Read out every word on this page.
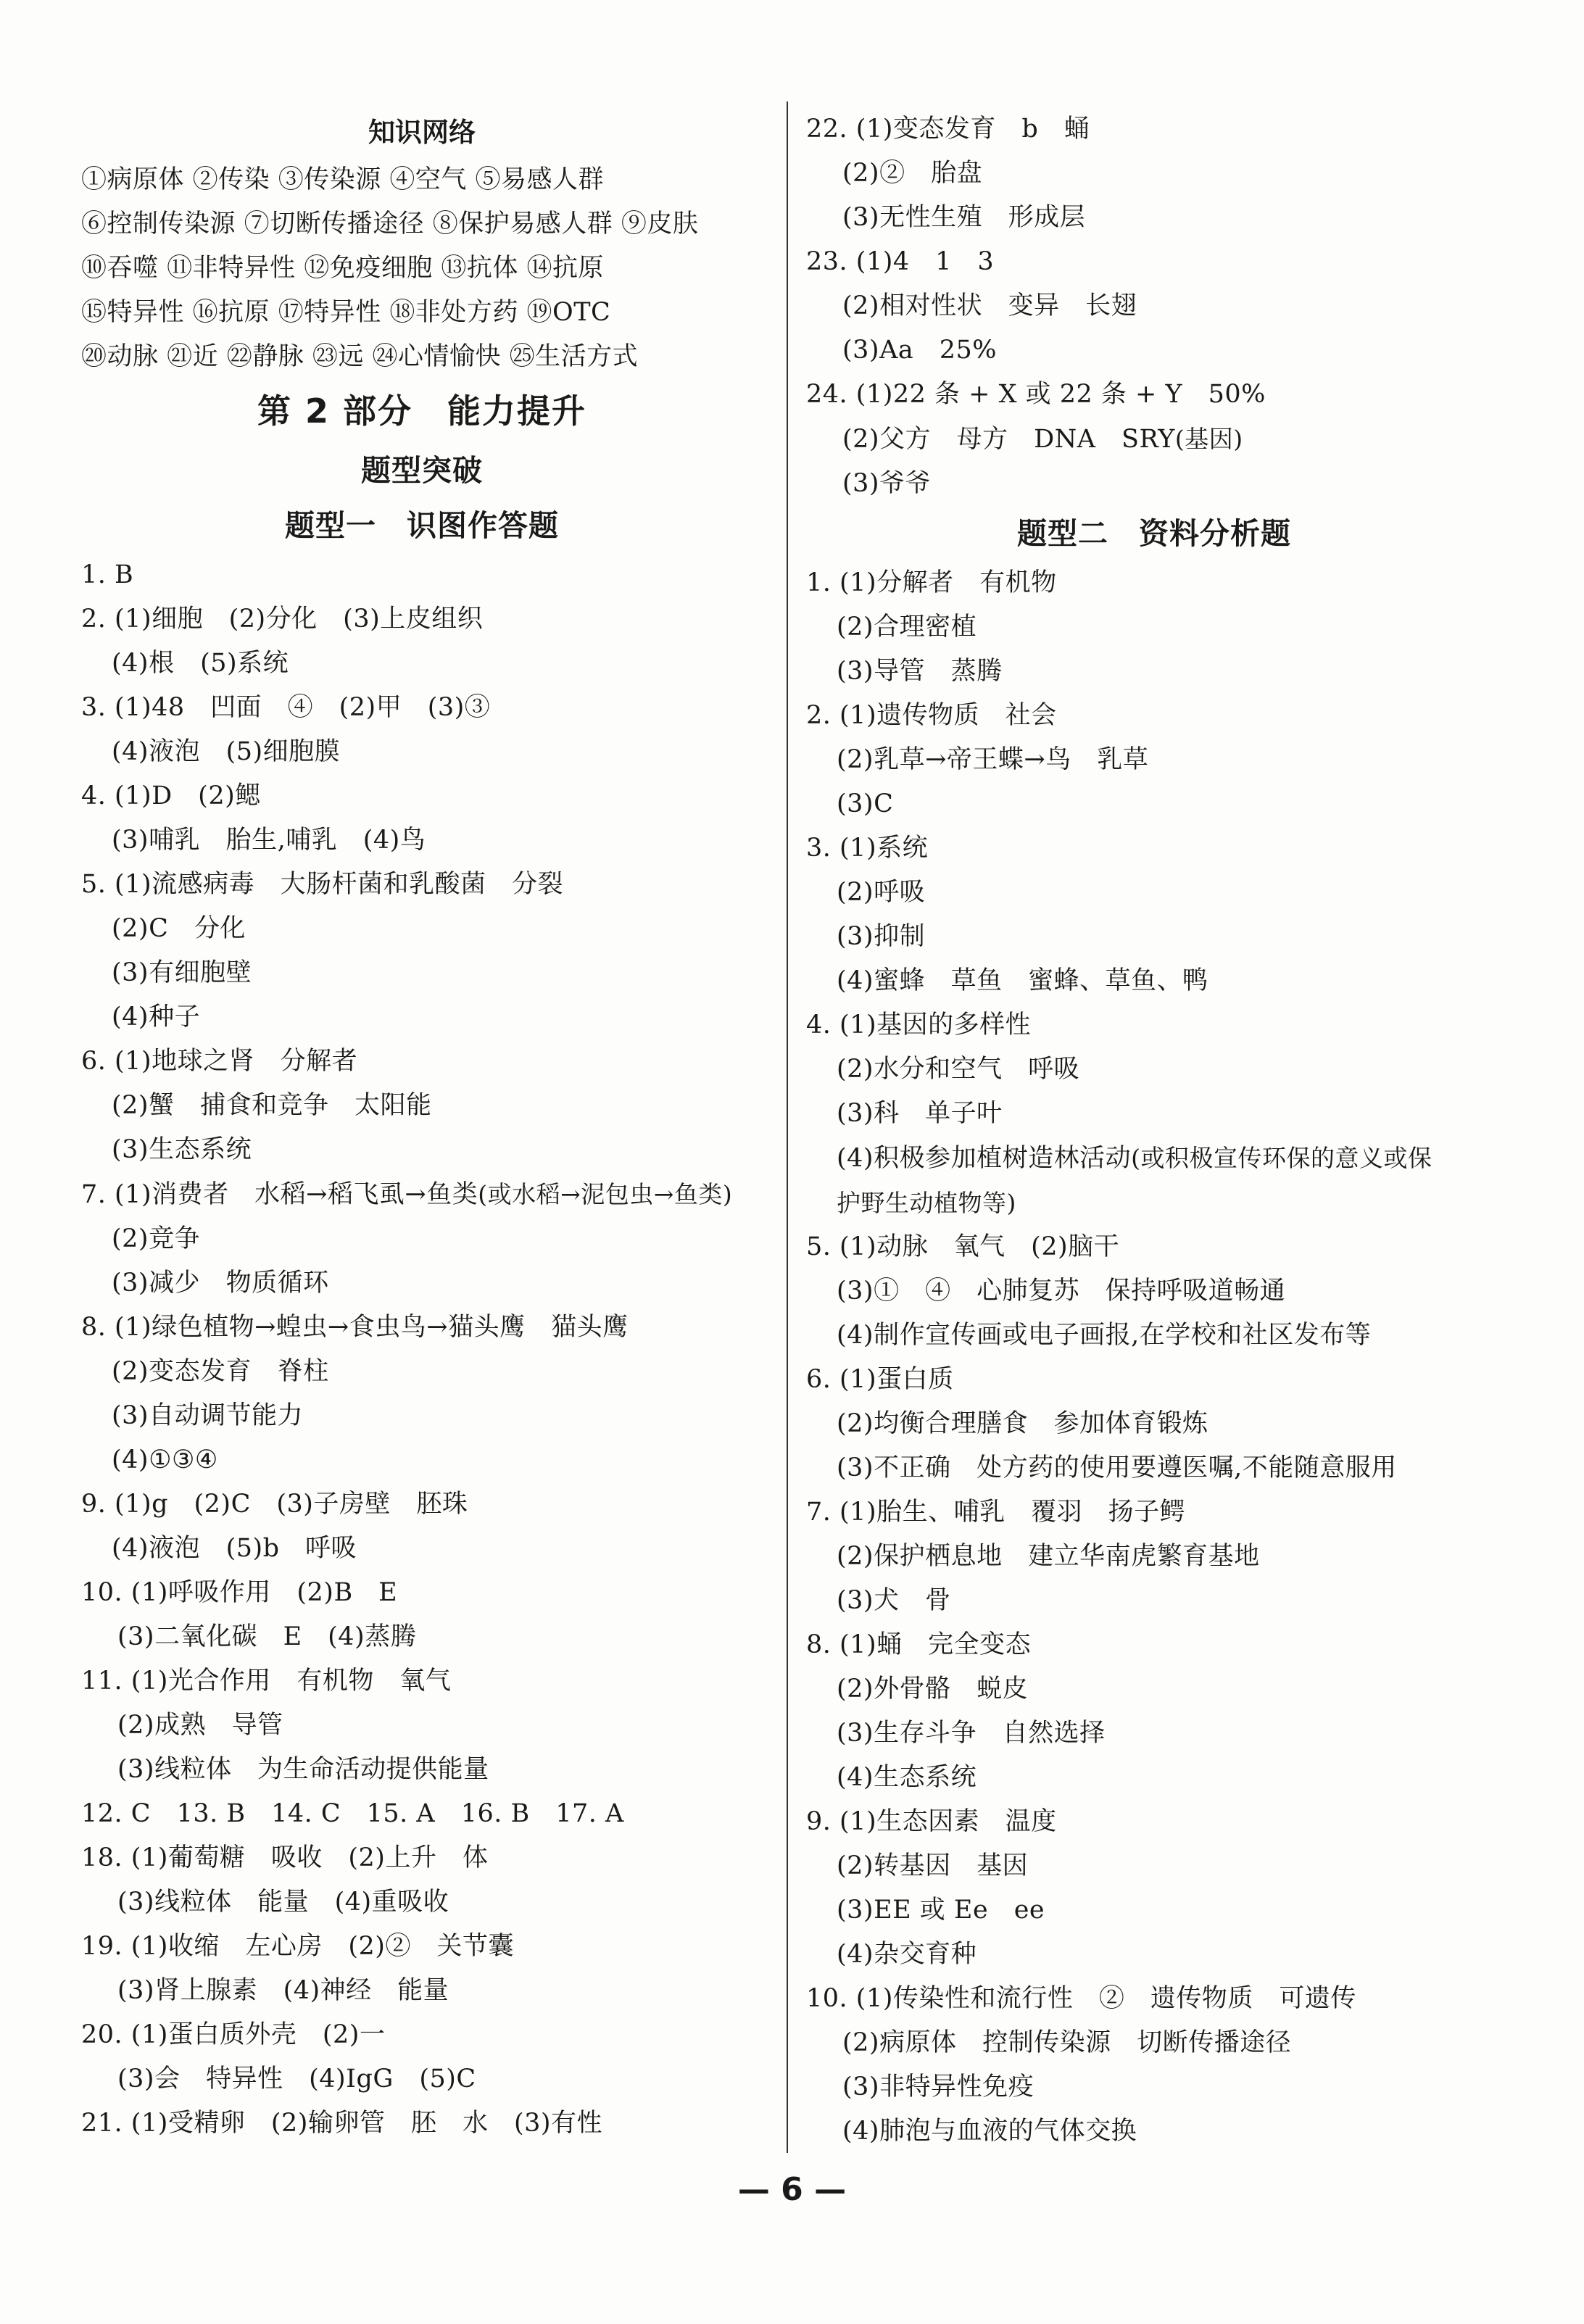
知识网络
①病原体 ②传染 ③传染源 ④空气 ⑤易感人群
⑥控制传染源 ⑦切断传播途径 ⑧保护易感人群 ⑨皮肤
⑩吞噬 ⑪非特异性 ⑫免疫细胞 ⑬抗体 ⑭抗原
⑮特异性 ⑯抗原 ⑰特异性 ⑱非处方药 ⑲OTC
⑳动脉 ㉑近 ㉒静脉 ㉓远 ㉔心情愉快 ㉕生活方式
第 2 部分　能力提升
题型突破
题型一　识图作答题
1. B
2. (1)细胞　(2)分化　(3)上皮组织
(4)根　(5)系统
3. (1)48　凹面　④　(2)甲　(3)③
(4)液泡　(5)细胞膜
4. (1)D　(2)鳃
(3)哺乳　胎生,哺乳　(4)鸟
5. (1)流感病毒　大肠杆菌和乳酸菌　分裂
(2)C　分化
(3)有细胞壁
(4)种子
6. (1)地球之肾　分解者
(2)蟹　捕食和竞争　太阳能
(3)生态系统
7. (1)消费者　水稻→稻飞虱→鱼类(或水稻→泥包虫→鱼类)
(2)竞争
(3)减少　物质循环
8. (1)绿色植物→蝗虫→食虫鸟→猫头鹰　猫头鹰
(2)变态发育　脊柱
(3)自动调节能力
(4)①③④
9. (1)g　(2)C　(3)子房壁　胚珠
(4)液泡　(5)b　呼吸
10. (1)呼吸作用　(2)B　E
(3)二氧化碳　E　(4)蒸腾
11. (1)光合作用　有机物　氧气
(2)成熟　导管
(3)线粒体　为生命活动提供能量
12. C　13. B　14. C　15. A　16. B　17. A
18. (1)葡萄糖　吸收　(2)上升　体
(3)线粒体　能量　(4)重吸收
19. (1)收缩　左心房　(2)②　关节囊
(3)肾上腺素　(4)神经　能量
20. (1)蛋白质外壳　(2)一
(3)会　特异性　(4)IgG　(5)C
21. (1)受精卵　(2)输卵管　胚　水　(3)有性
22. (1)变态发育　b　蛹
(2)②　胎盘
(3)无性生殖　形成层
23. (1)4　1　3
(2)相对性状　变异　长翅
(3)Aa　25%
24. (1)22 条 + X 或 22 条 + Y　50%
(2)父方　母方　DNA　SRY(基因)
(3)爷爷
题型二　资料分析题
1. (1)分解者　有机物
(2)合理密植
(3)导管　蒸腾
2. (1)遗传物质　社会
(2)乳草→帝王蝶→鸟　乳草
(3)C
3. (1)系统
(2)呼吸
(3)抑制
(4)蜜蜂　草鱼　蜜蜂、草鱼、鸭
4. (1)基因的多样性
(2)水分和空气　呼吸
(3)科　单子叶
(4)积极参加植树造林活动(或积极宣传环保的意义或保
护野生动植物等)
5. (1)动脉　氧气　(2)脑干
(3)①　④　心肺复苏　保持呼吸道畅通
(4)制作宣传画或电子画报,在学校和社区发布等
6. (1)蛋白质
(2)均衡合理膳食　参加体育锻炼
(3)不正确　处方药的使用要遵医嘱,不能随意服用
7. (1)胎生、哺乳　覆羽　扬子鳄
(2)保护栖息地　建立华南虎繁育基地
(3)犬　骨
8. (1)蛹　完全变态
(2)外骨骼　蜕皮
(3)生存斗争　自然选择
(4)生态系统
9. (1)生态因素　温度
(2)转基因　基因
(3)EE 或 Ee　ee
(4)杂交育种
10. (1)传染性和流行性　②　遗传物质　可遗传
(2)病原体　控制传染源　切断传播途径
(3)非特异性免疫
(4)肺泡与血液的气体交换
— 6 —
